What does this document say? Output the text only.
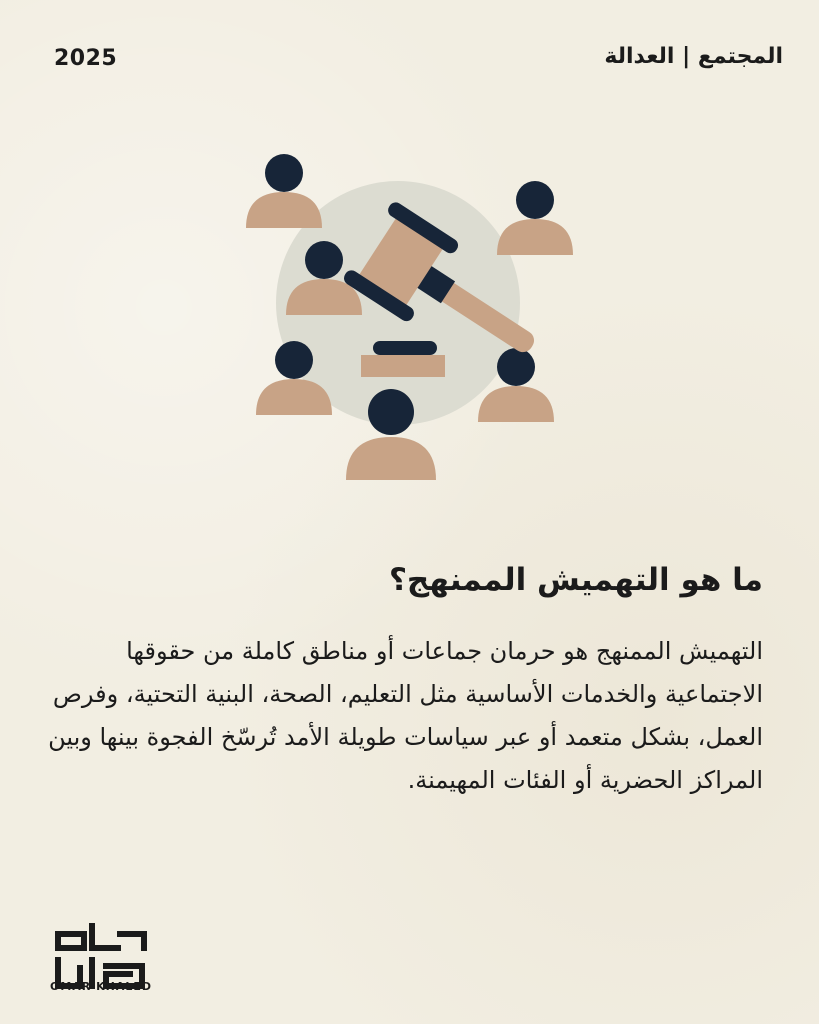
2025	المجتمع | العدالة
ما هو التهميش الممنهج؟
التهميش الممنهج هو حرمان جماعات أو مناطق كاملة من حقوقها الاجتماعية والخدمات الأساسية مثل التعليم، الصحة، البنية التحتية، وفرص العمل، بشكل متعمد أو عبر سياسات طويلة الأمد تُرسّخ الفجوة بينها وبين المراكز الحضرية أو الفئات المهيمنة.
OMAR KHALED
